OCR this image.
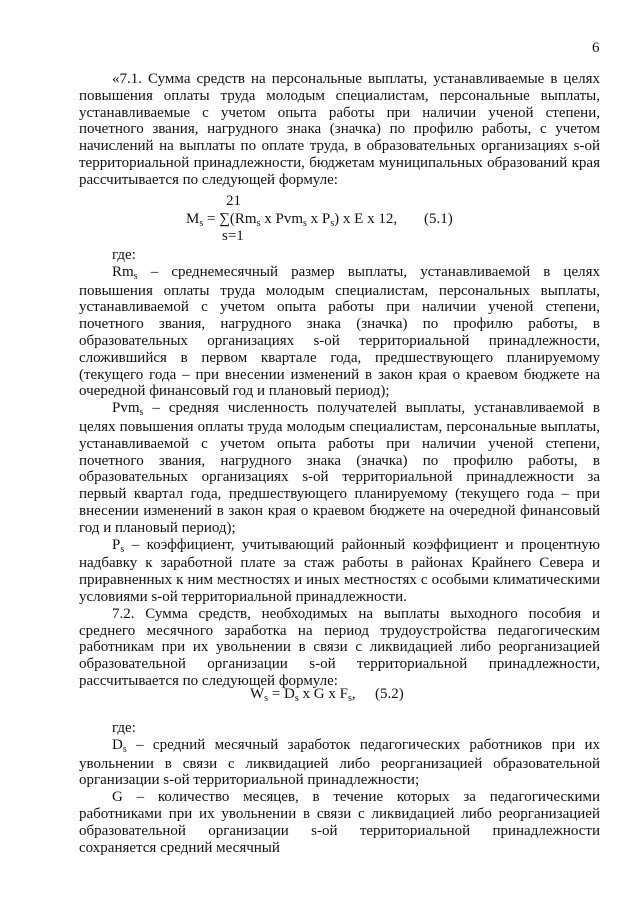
6

«7.1. Сумма средств на персональные выплаты, устанавливаемые в целях повышения оплаты труда молодым специалистам, персональные выплаты, устанавливаемые с учетом опыта работы при наличии ученой степени, почетного звания, нагрудного знака (значка) по профилю работы, с учетом начислений на выплаты по оплате труда, в образовательных организациях s-ой территориальной принадлежности, бюджетам муниципальных образований края рассчитывается по следующей формуле:

21
$M_s = \sum(Rm_s$ x Pvm$_s$ x $P_s$) x E x 12, (5.1)
s=1

где:

$Rm_s$ – среднемесячный размер выплаты, устанавливаемой в целях повышения оплаты труда молодым специалистам, персональных выплаты, устанавливаемой с учетом опыта работы при наличии ученой степени, почетного звания, нагрудного знака (значка) по профилю работы, в образовательных организациях s-ой территориальной принадлежности, сложившийся в первом квартале года, предшествующего планируемому (текущего года – при внесении изменений в закон края о краевом бюджете на очередной финансовый год и плановый период);

Pvm$_s$ – средняя численность получателей выплаты, устанавливаемой в целях повышения оплаты труда молодым специалистам, персональные выплаты, устанавливаемой с учетом опыта работы при наличии ученой степени, почетного звания, нагрудного знака (значка) по профилю работы, в образовательных организациях s-ой территориальной принадлежности за первый квартал года, предшествующего планируемому (текущего года – при внесении изменений в закон края о краевом бюджете на очередной финансовый год и плановый период);

$P_s$ – коэффициент, учитывающий районный коэффициент и процентную надбавку к заработной плате за стаж работы в районах Крайнего Севера и приравненных к ним местностях и иных местностях с особыми климатическими условиями s-ой территориальной принадлежности.

7.2. Сумма средств, необходимых на выплаты выходного пособия и среднего месячного заработка на период трудоустройства педагогическим работникам при их увольнении в связи с ликвидацией либо реорганизацией образовательной организации s-ой территориальной принадлежности, рассчитывается по следующей формуле:

$W_s = D_s$ x G x $F_s$, (5.2)

где:

$D_s$ – средний месячный заработок педагогических работников при их увольнении в связи с ликвидацией либо реорганизацией образовательной организации s-ой территориальной принадлежности;

G – количество месяцев, в течение которых за педагогическими работниками при их увольнении в связи с ликвидацией либо реорганизацией образовательной организации s-ой территориальной принадлежности сохраняется средний месячный
